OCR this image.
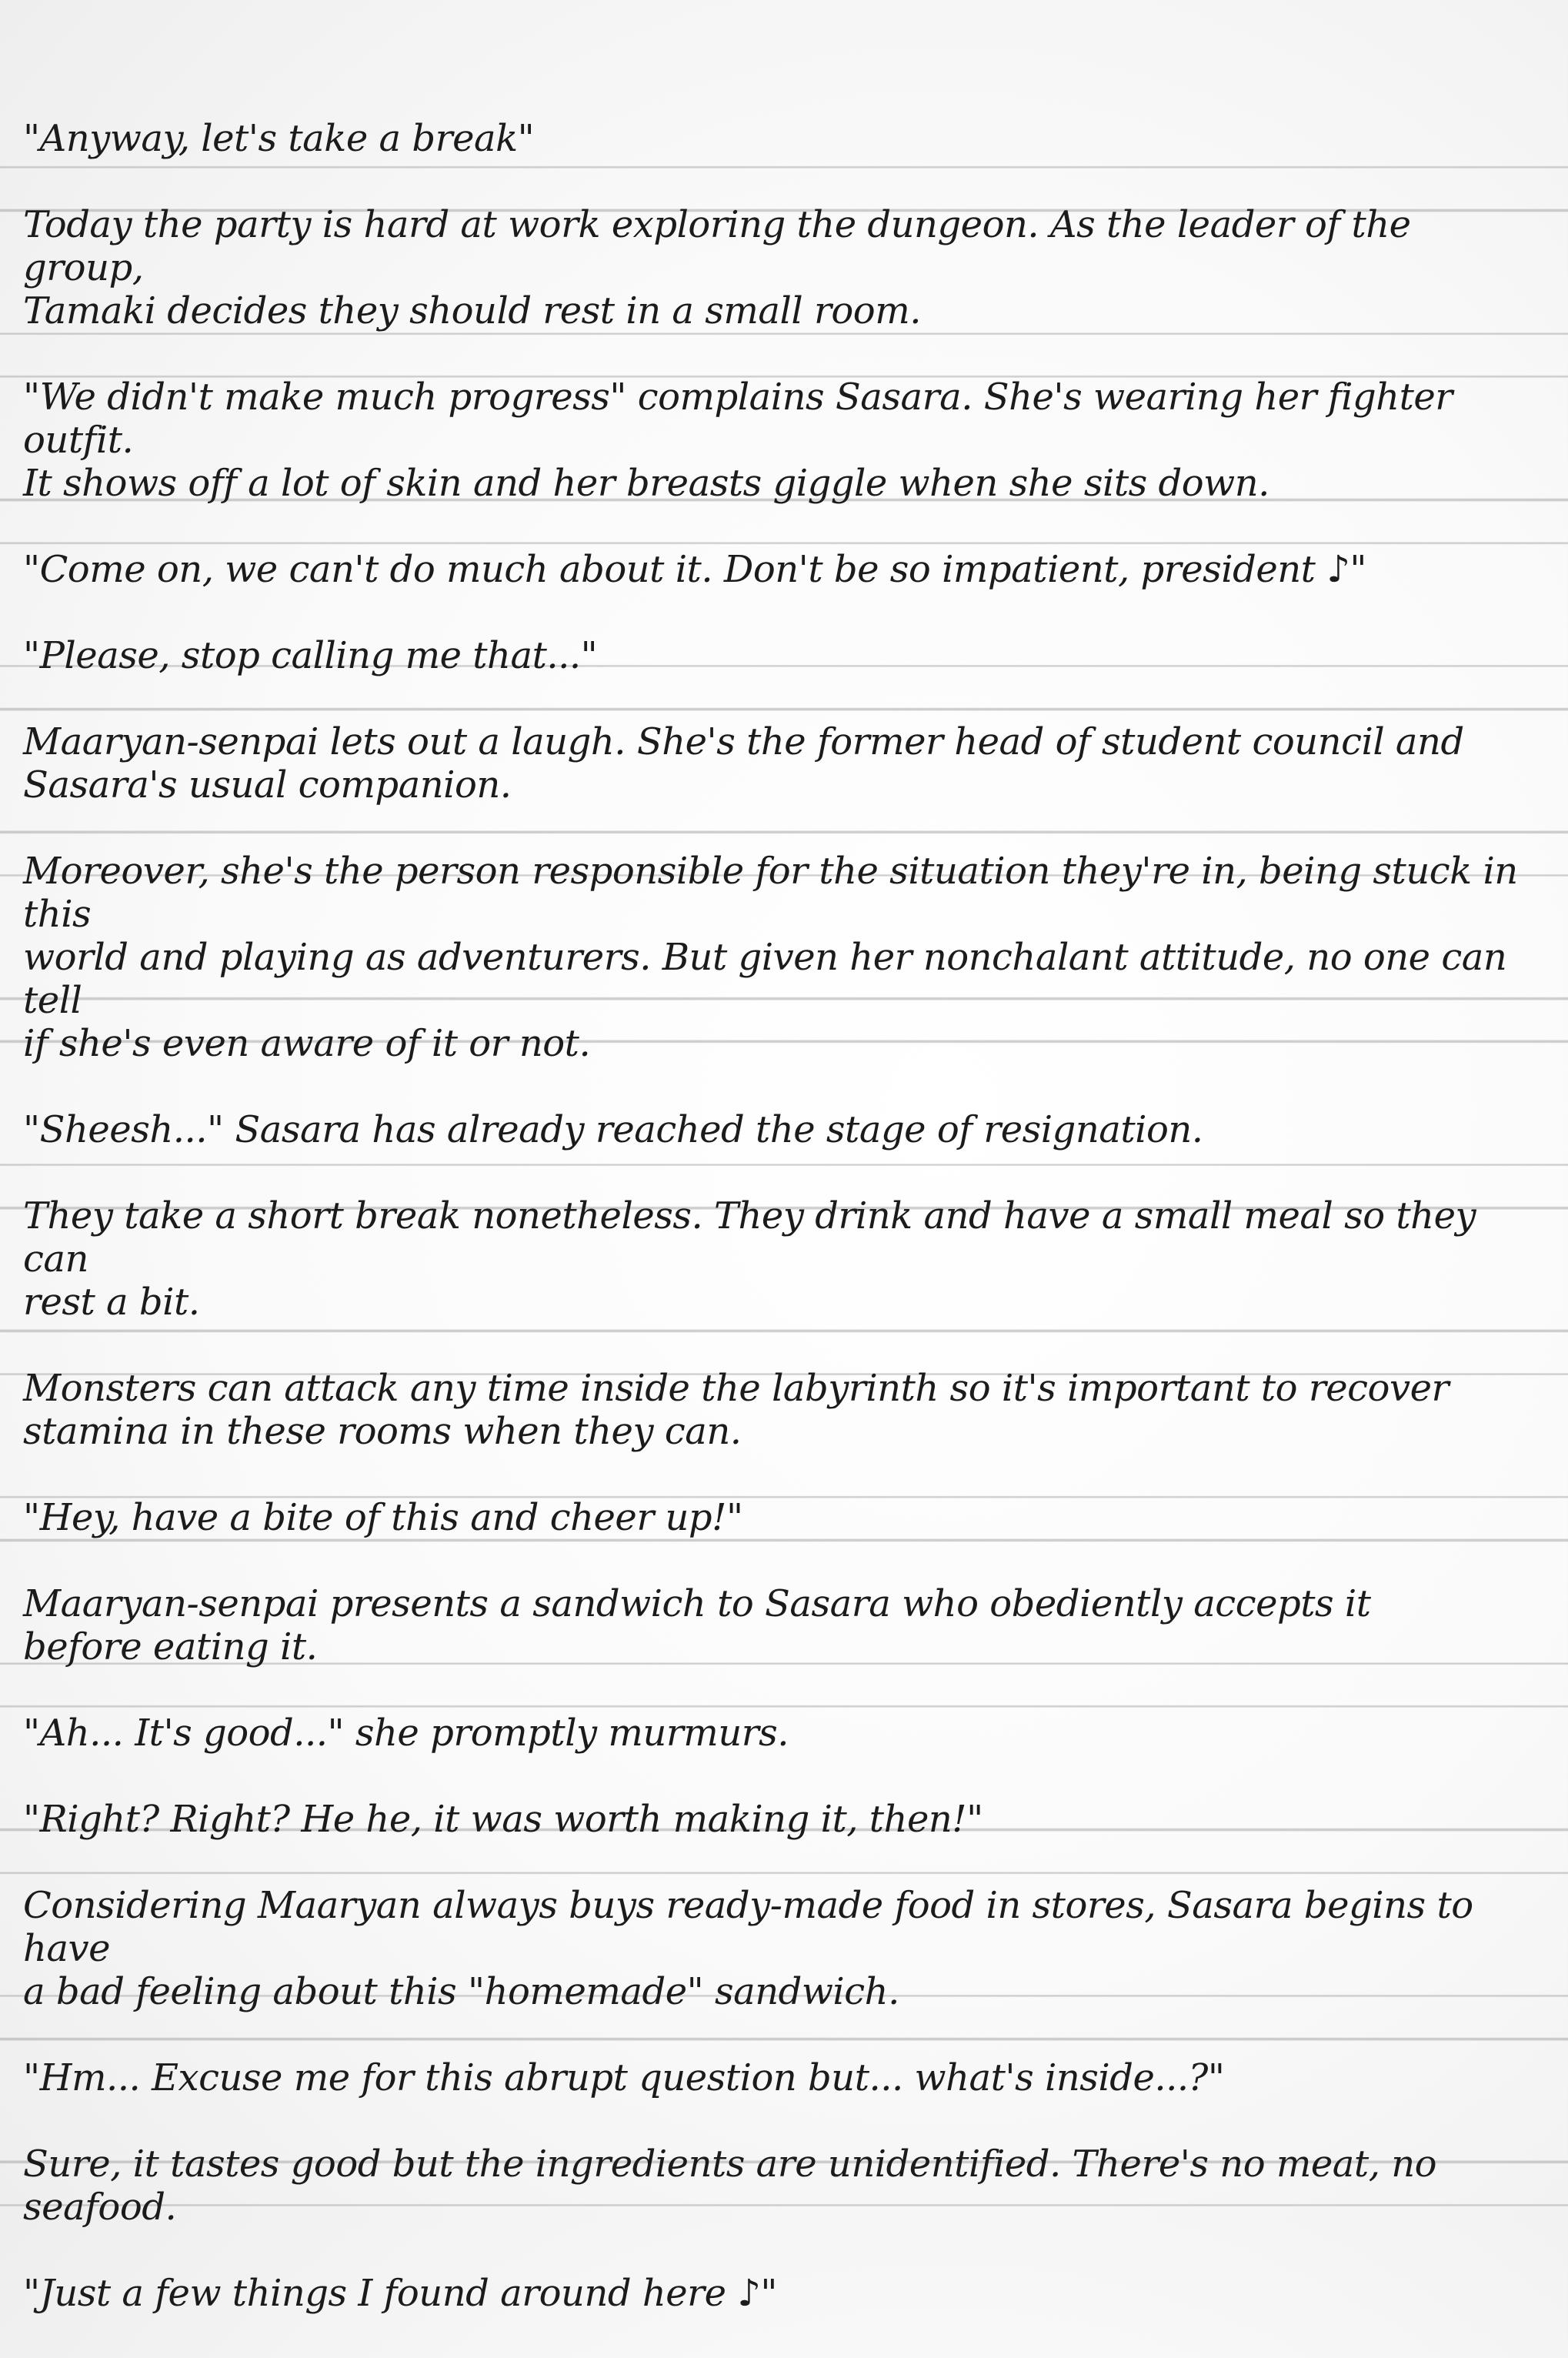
"Anyway, let's take a break"

Today the party is hard at work exploring the dungeon. As the leader of the group,
Tamaki decides they should rest in a small room.

"We didn't make much progress" complains Sasara. She's wearing her fighter outfit.
It shows off a lot of skin and her breasts giggle when she sits down.

"Come on, we can't do much about it. Don't be so impatient, president ♪"

"Please, stop calling me that..."

Maaryan-senpai lets out a laugh. She's the former head of student council and
Sasara's usual companion.

Moreover, she's the person responsible for the situation they're in, being stuck in this
world and playing as adventurers. But given her nonchalant attitude, no one can tell
if she's even aware of it or not.

"Sheesh..." Sasara has already reached the stage of resignation.

They take a short break nonetheless. They drink and have a small meal so they can
rest a bit.

Monsters can attack any time inside the labyrinth so it's important to recover
stamina in these rooms when they can.

"Hey, have a bite of this and cheer up!"

Maaryan-senpai presents a sandwich to Sasara who obediently accepts it
before eating it.

"Ah... It's good..." she promptly murmurs.

"Right? Right? He he, it was worth making it, then!"

Considering Maaryan always buys ready-made food in stores, Sasara begins to have
a bad feeling about this "homemade" sandwich.

"Hm... Excuse me for this abrupt question but... what's inside...?"

Sure, it tastes good but the ingredients are unidentified. There's no meat, no seafood.

"Just a few things I found around here ♪"
